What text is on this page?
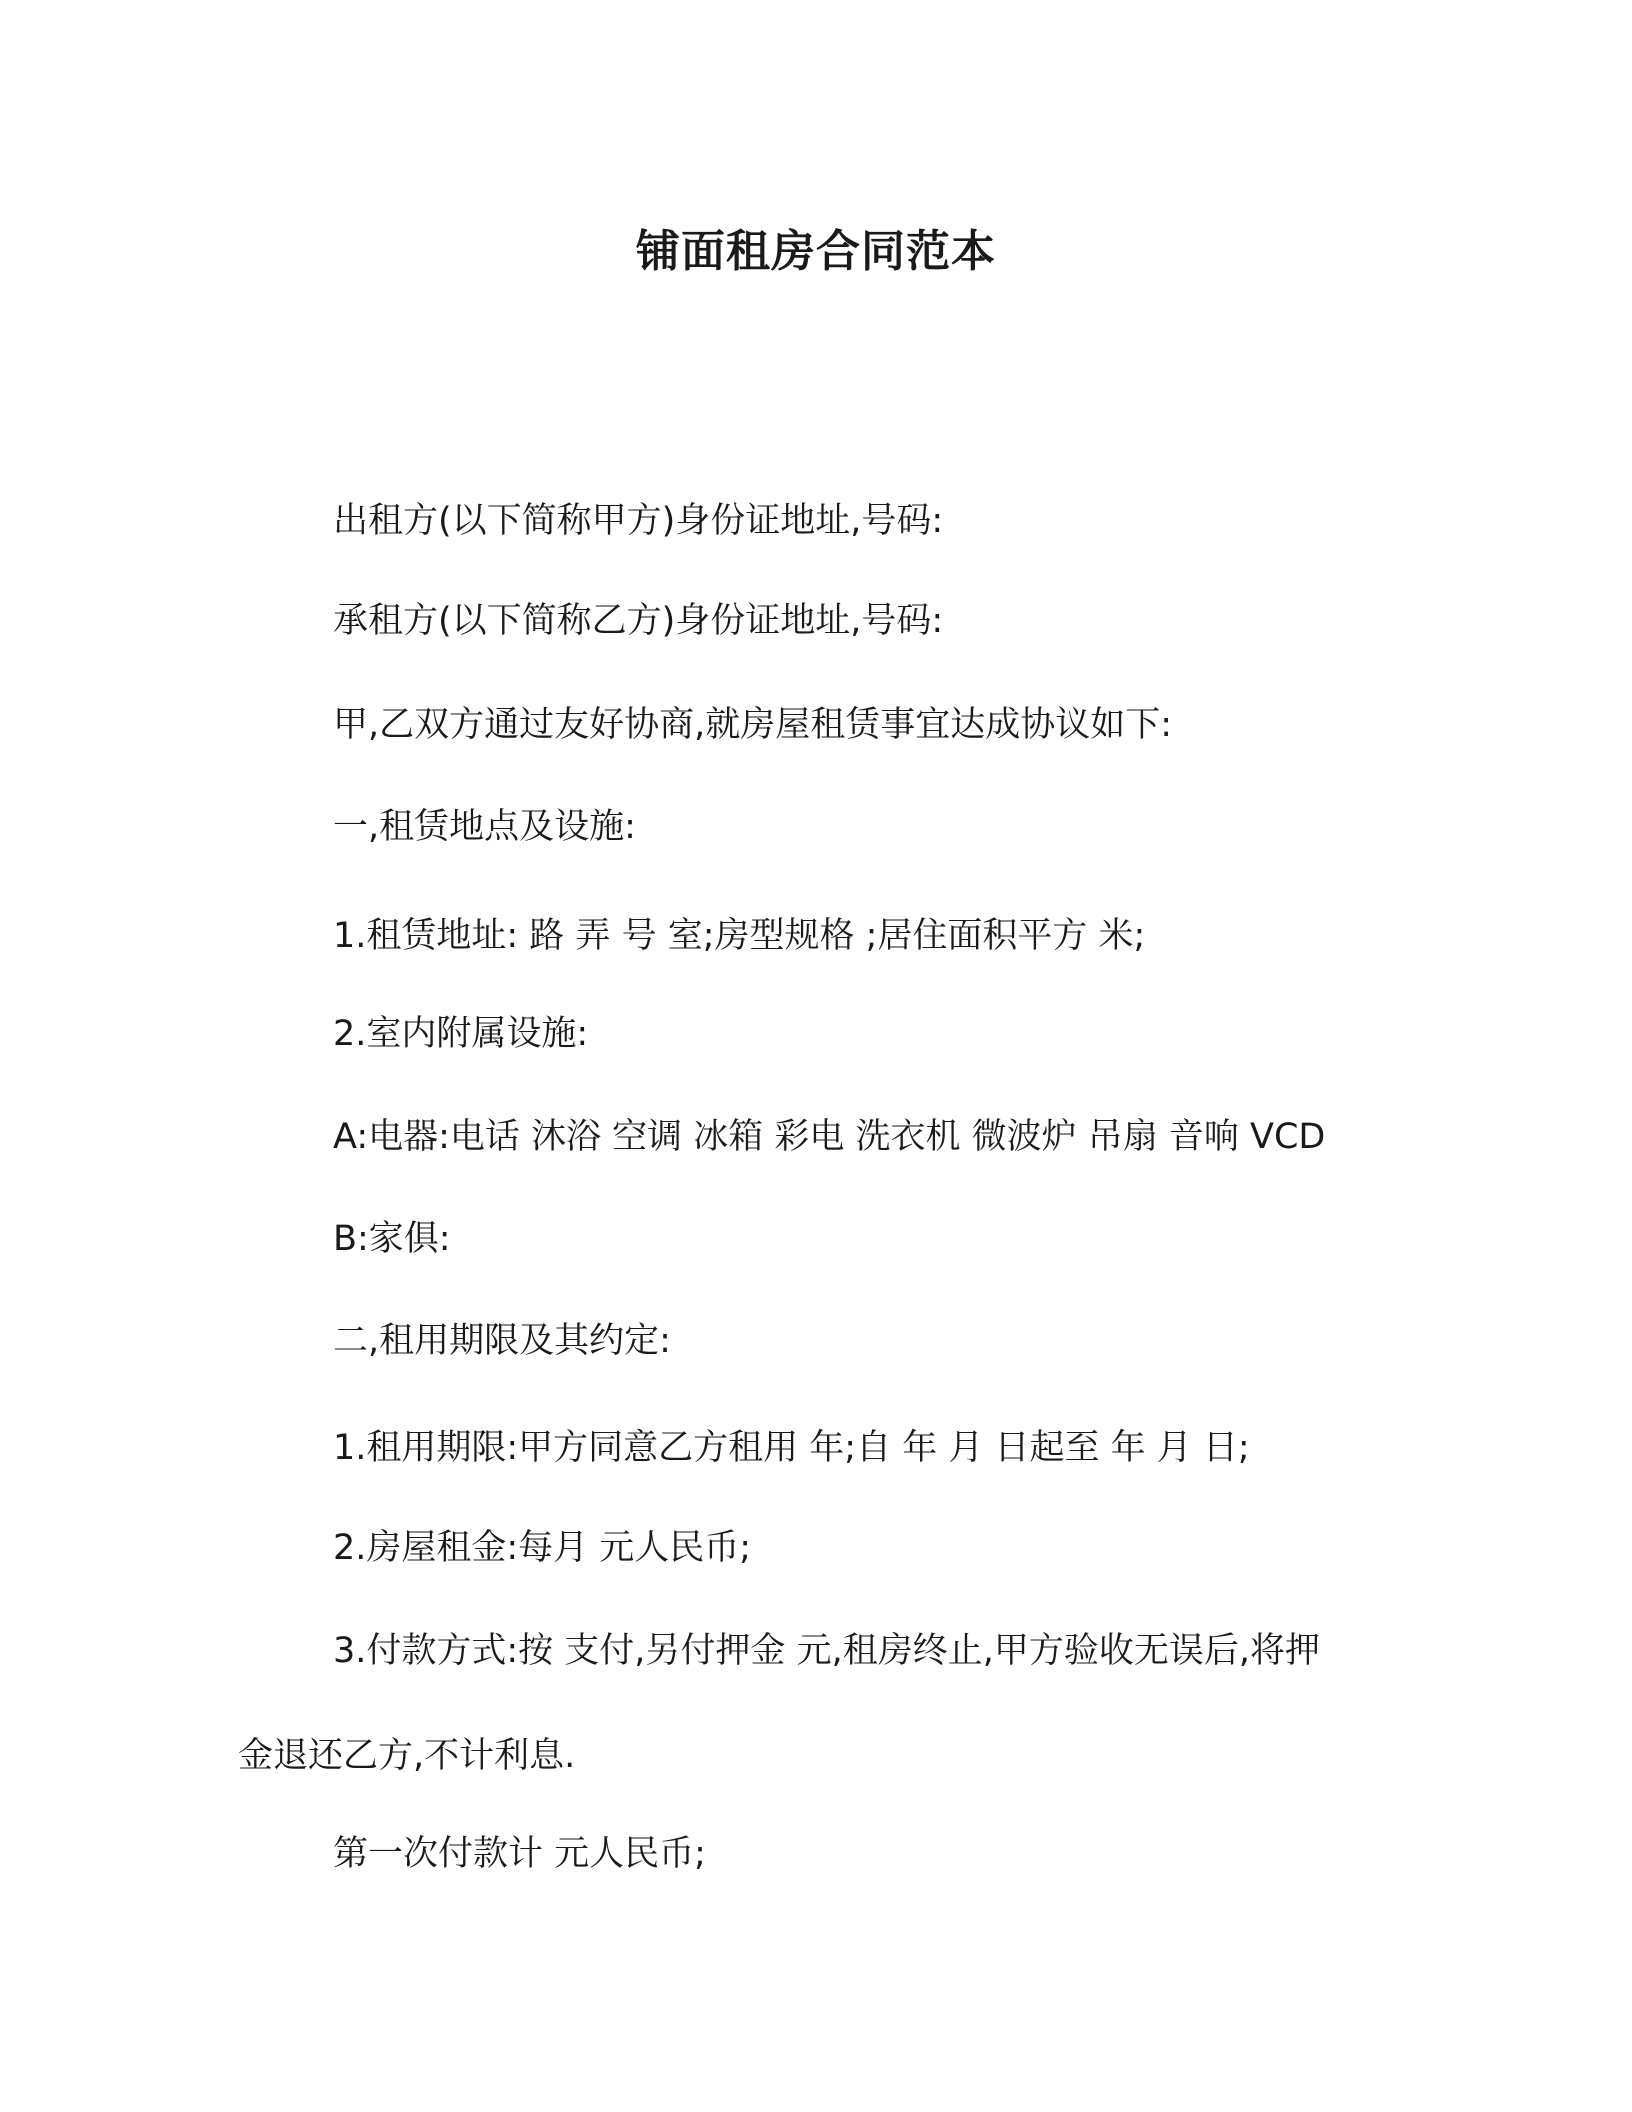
铺面租房合同范本

出租方(以下简称甲方)身份证地址,号码:

承租方(以下简称乙方)身份证地址,号码:

甲,乙双方通过友好协商,就房屋租赁事宜达成协议如下:

一,租赁地点及设施:

1.租赁地址: 路 弄 号 室;房型规格 ;居住面积平方 米;

2.室内附属设施:

A:电器:电话 沐浴 空调 冰箱 彩电 洗衣机 微波炉 吊扇 音响 VCD

B:家俱:

二,租用期限及其约定:

1.租用期限:甲方同意乙方租用 年;自 年 月 日起至 年 月 日;

2.房屋租金:每月 元人民币;

3.付款方式:按 支付,另付押金 元,租房终止,甲方验收无误后,将押
金退还乙方,不计利息.

第一次付款计 元人民币;
